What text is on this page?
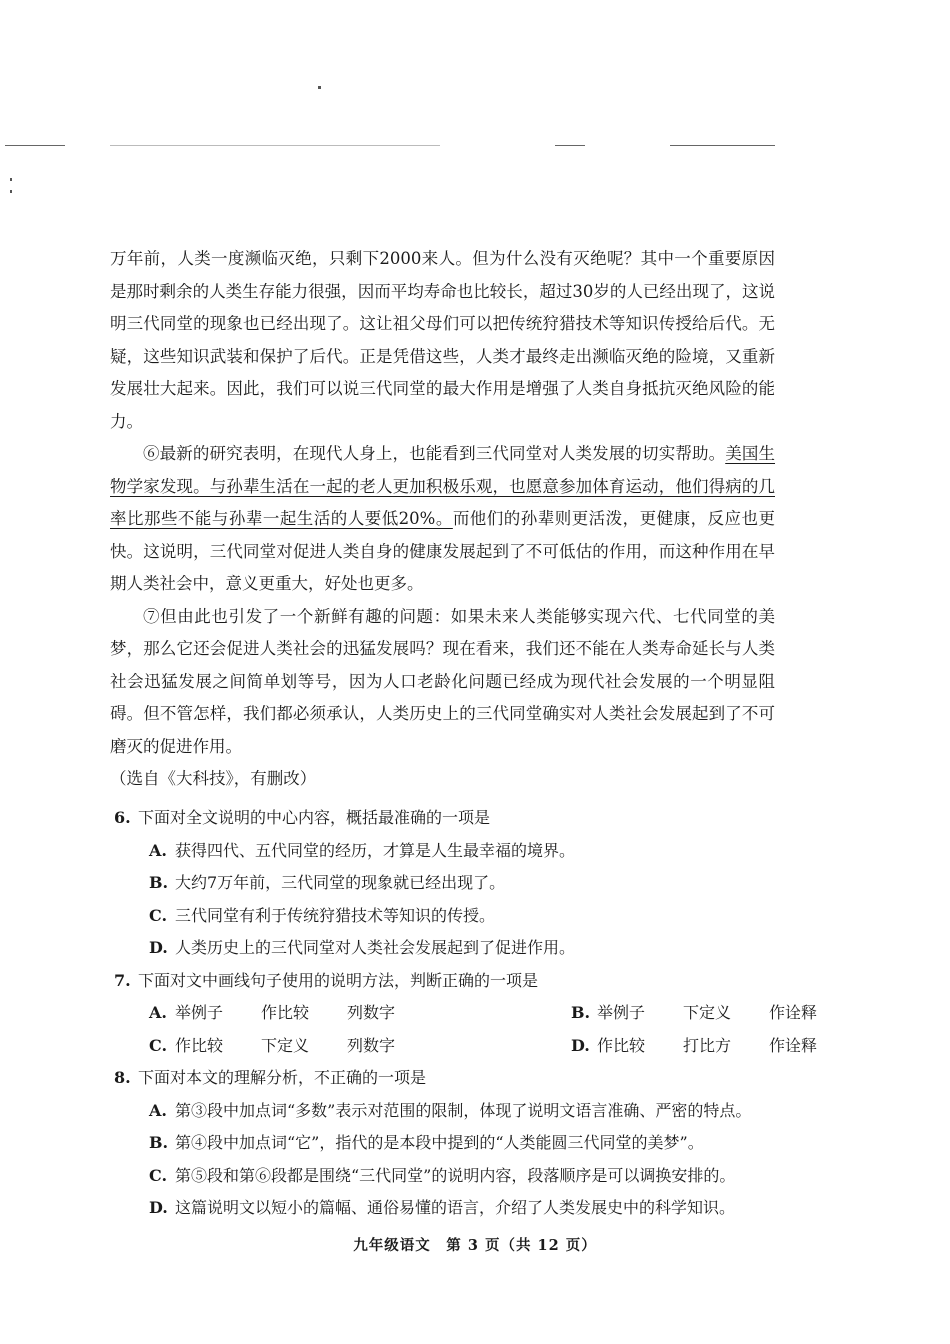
万年前，人类一度濒临灭绝，只剩下2000来人。但为什么没有灭绝呢？其中一个重要原因是那时剩余的人类生存能力很强，因而平均寿命也比较长，超过30岁的人已经出现了，这说明三代同堂的现象也已经出现了。这让祖父母们可以把传统狩猎技术等知识传授给后代。无疑，这些知识武装和保护了后代。正是凭借这些，人类才最终走出濒临灭绝的险境，又重新发展壮大起来。因此，我们可以说三代同堂的最大作用是增强了人类自身抵抗灭绝风险的能力。

⑥最新的研究表明，在现代人身上，也能看到三代同堂对人类发展的切实帮助。美国生物学家发现。与孙辈生活在一起的老人更加积极乐观，也愿意参加体育运动，他们得病的几率比那些不能与孙辈一起生活的人要低20%。而他们的孙辈则更活泼，更健康，反应也更快。这说明，三代同堂对促进人类自身的健康发展起到了不可低估的作用，而这种作用在早期人类社会中，意义更重大，好处也更多。

⑦但由此也引发了一个新鲜有趣的问题：如果未来人类能够实现六代、七代同堂的美梦，那么它还会促进人类社会的迅猛发展吗？现在看来，我们还不能在人类寿命延长与人类社会迅猛发展之间简单划等号，因为人口老龄化问题已经成为现代社会发展的一个明显阻碍。但不管怎样，我们都必须承认，人类历史上的三代同堂确实对人类社会发展起到了不可磨灭的促进作用。

（选自《大科技》，有删改）

6. 下面对全文说明的中心内容，概括最准确的一项是
A. 获得四代、五代同堂的经历，才算是人生最幸福的境界。
B. 大约7万年前，三代同堂的现象就已经出现了。
C. 三代同堂有利于传统狩猎技术等知识的传授。
D. 人类历史上的三代同堂对人类社会发展起到了促进作用。
7. 下面对文中画线句子使用的说明方法，判断正确的一项是
A. 举例子	作比较	列数字	B. 举例子	下定义	作诠释
C. 作比较	下定义	列数字	D. 作比较	打比方	作诠释
8. 下面对本文的理解分析，不正确的一项是
A. 第③段中加点词“多数”表示对范围的限制，体现了说明文语言准确、严密的特点。
B. 第④段中加点词“它”，指代的是本段中提到的“人类能圆三代同堂的美梦”。
C. 第⑤段和第⑥段都是围绕“三代同堂”的说明内容，段落顺序是可以调换安排的。
D. 这篇说明文以短小的篇幅、通俗易懂的语言，介绍了人类发展史中的科学知识。
九年级语文　第 3 页（共 12 页）
